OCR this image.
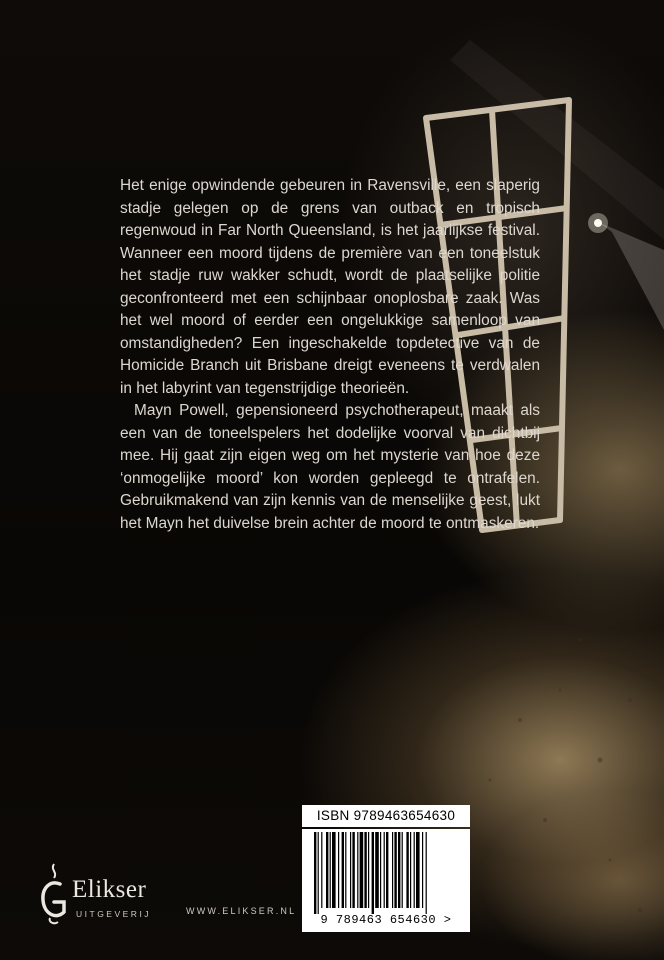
Het enige opwindende gebeuren in Ravensville, een slaperig stadje gelegen op de grens van outback en tropisch regenwoud in Far North Queensland, is het jaarlijkse festival. Wanneer een moord tijdens de première van een toneelstuk het stadje ruw wakker schudt, wordt de plaatselijke politie geconfronteerd met een schijnbaar onoplosbare zaak. Was het wel moord of eerder een ongelukkige samenloop van omstandigheden? Een ingeschakelde topdetective van de Homicide Branch uit Brisbane dreigt eveneens te verdwalen in het labyrint van tegenstrijdige theorieën.

Mayn Powell, gepensioneerd psychotherapeut, maakt als een van de toneelspelers het dodelijke voorval van dichtbij mee. Hij gaat zijn eigen weg om het mysterie van hoe deze ‘onmogelijke moord’ kon worden gepleegd te ontrafelen. Gebruikmakend van zijn kennis van de menselijke geest, lukt het Mayn het duivelse brein achter de moord te ontmaskeren.

ISBN 9789463654630
9 789463 654630 >
Elikser
UITGEVERIJ	WWW.ELIKSER.NL
